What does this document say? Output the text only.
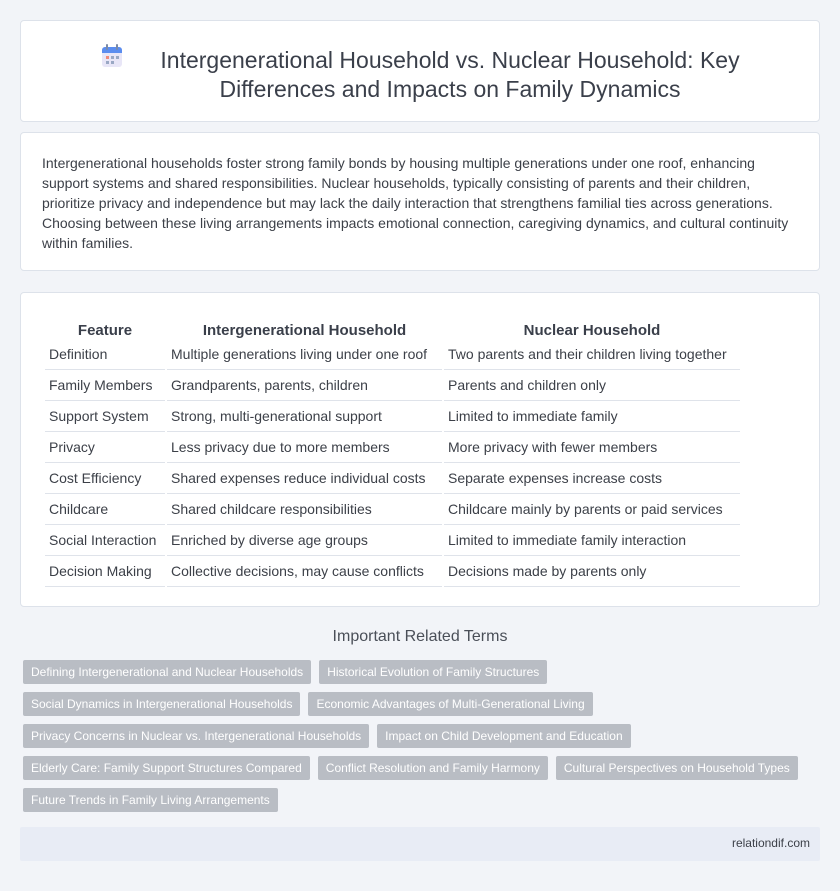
Intergenerational Household vs. Nuclear Household: Key Differences and Impacts on Family Dynamics

Intergenerational households foster strong family bonds by housing multiple generations under one roof, enhancing support systems and shared responsibilities. Nuclear households, typically consisting of parents and their children, prioritize privacy and independence but may lack the daily interaction that strengthens familial ties across generations. Choosing between these living arrangements impacts emotional connection, caregiving dynamics, and cultural continuity within families.

Feature	Intergenerational Household	Nuclear Household
Definition	Multiple generations living under one roof	Two parents and their children living together
Family Members	Grandparents, parents, children	Parents and children only
Support System	Strong, multi-generational support	Limited to immediate family
Privacy	Less privacy due to more members	More privacy with fewer members
Cost Efficiency	Shared expenses reduce individual costs	Separate expenses increase costs
Childcare	Shared childcare responsibilities	Childcare mainly by parents or paid services
Social Interaction	Enriched by diverse age groups	Limited to immediate family interaction
Decision Making	Collective decisions, may cause conflicts	Decisions made by parents only
Important Related Terms
Defining Intergenerational and Nuclear Households	Historical Evolution of Family Structures
Social Dynamics in Intergenerational Households	Economic Advantages of Multi-Generational Living
Privacy Concerns in Nuclear vs. Intergenerational Households	Impact on Child Development and Education
Elderly Care: Family Support Structures Compared	Conflict Resolution and Family Harmony	Cultural Perspectives on Household Types
Future Trends in Family Living Arrangements
relationdif.com
